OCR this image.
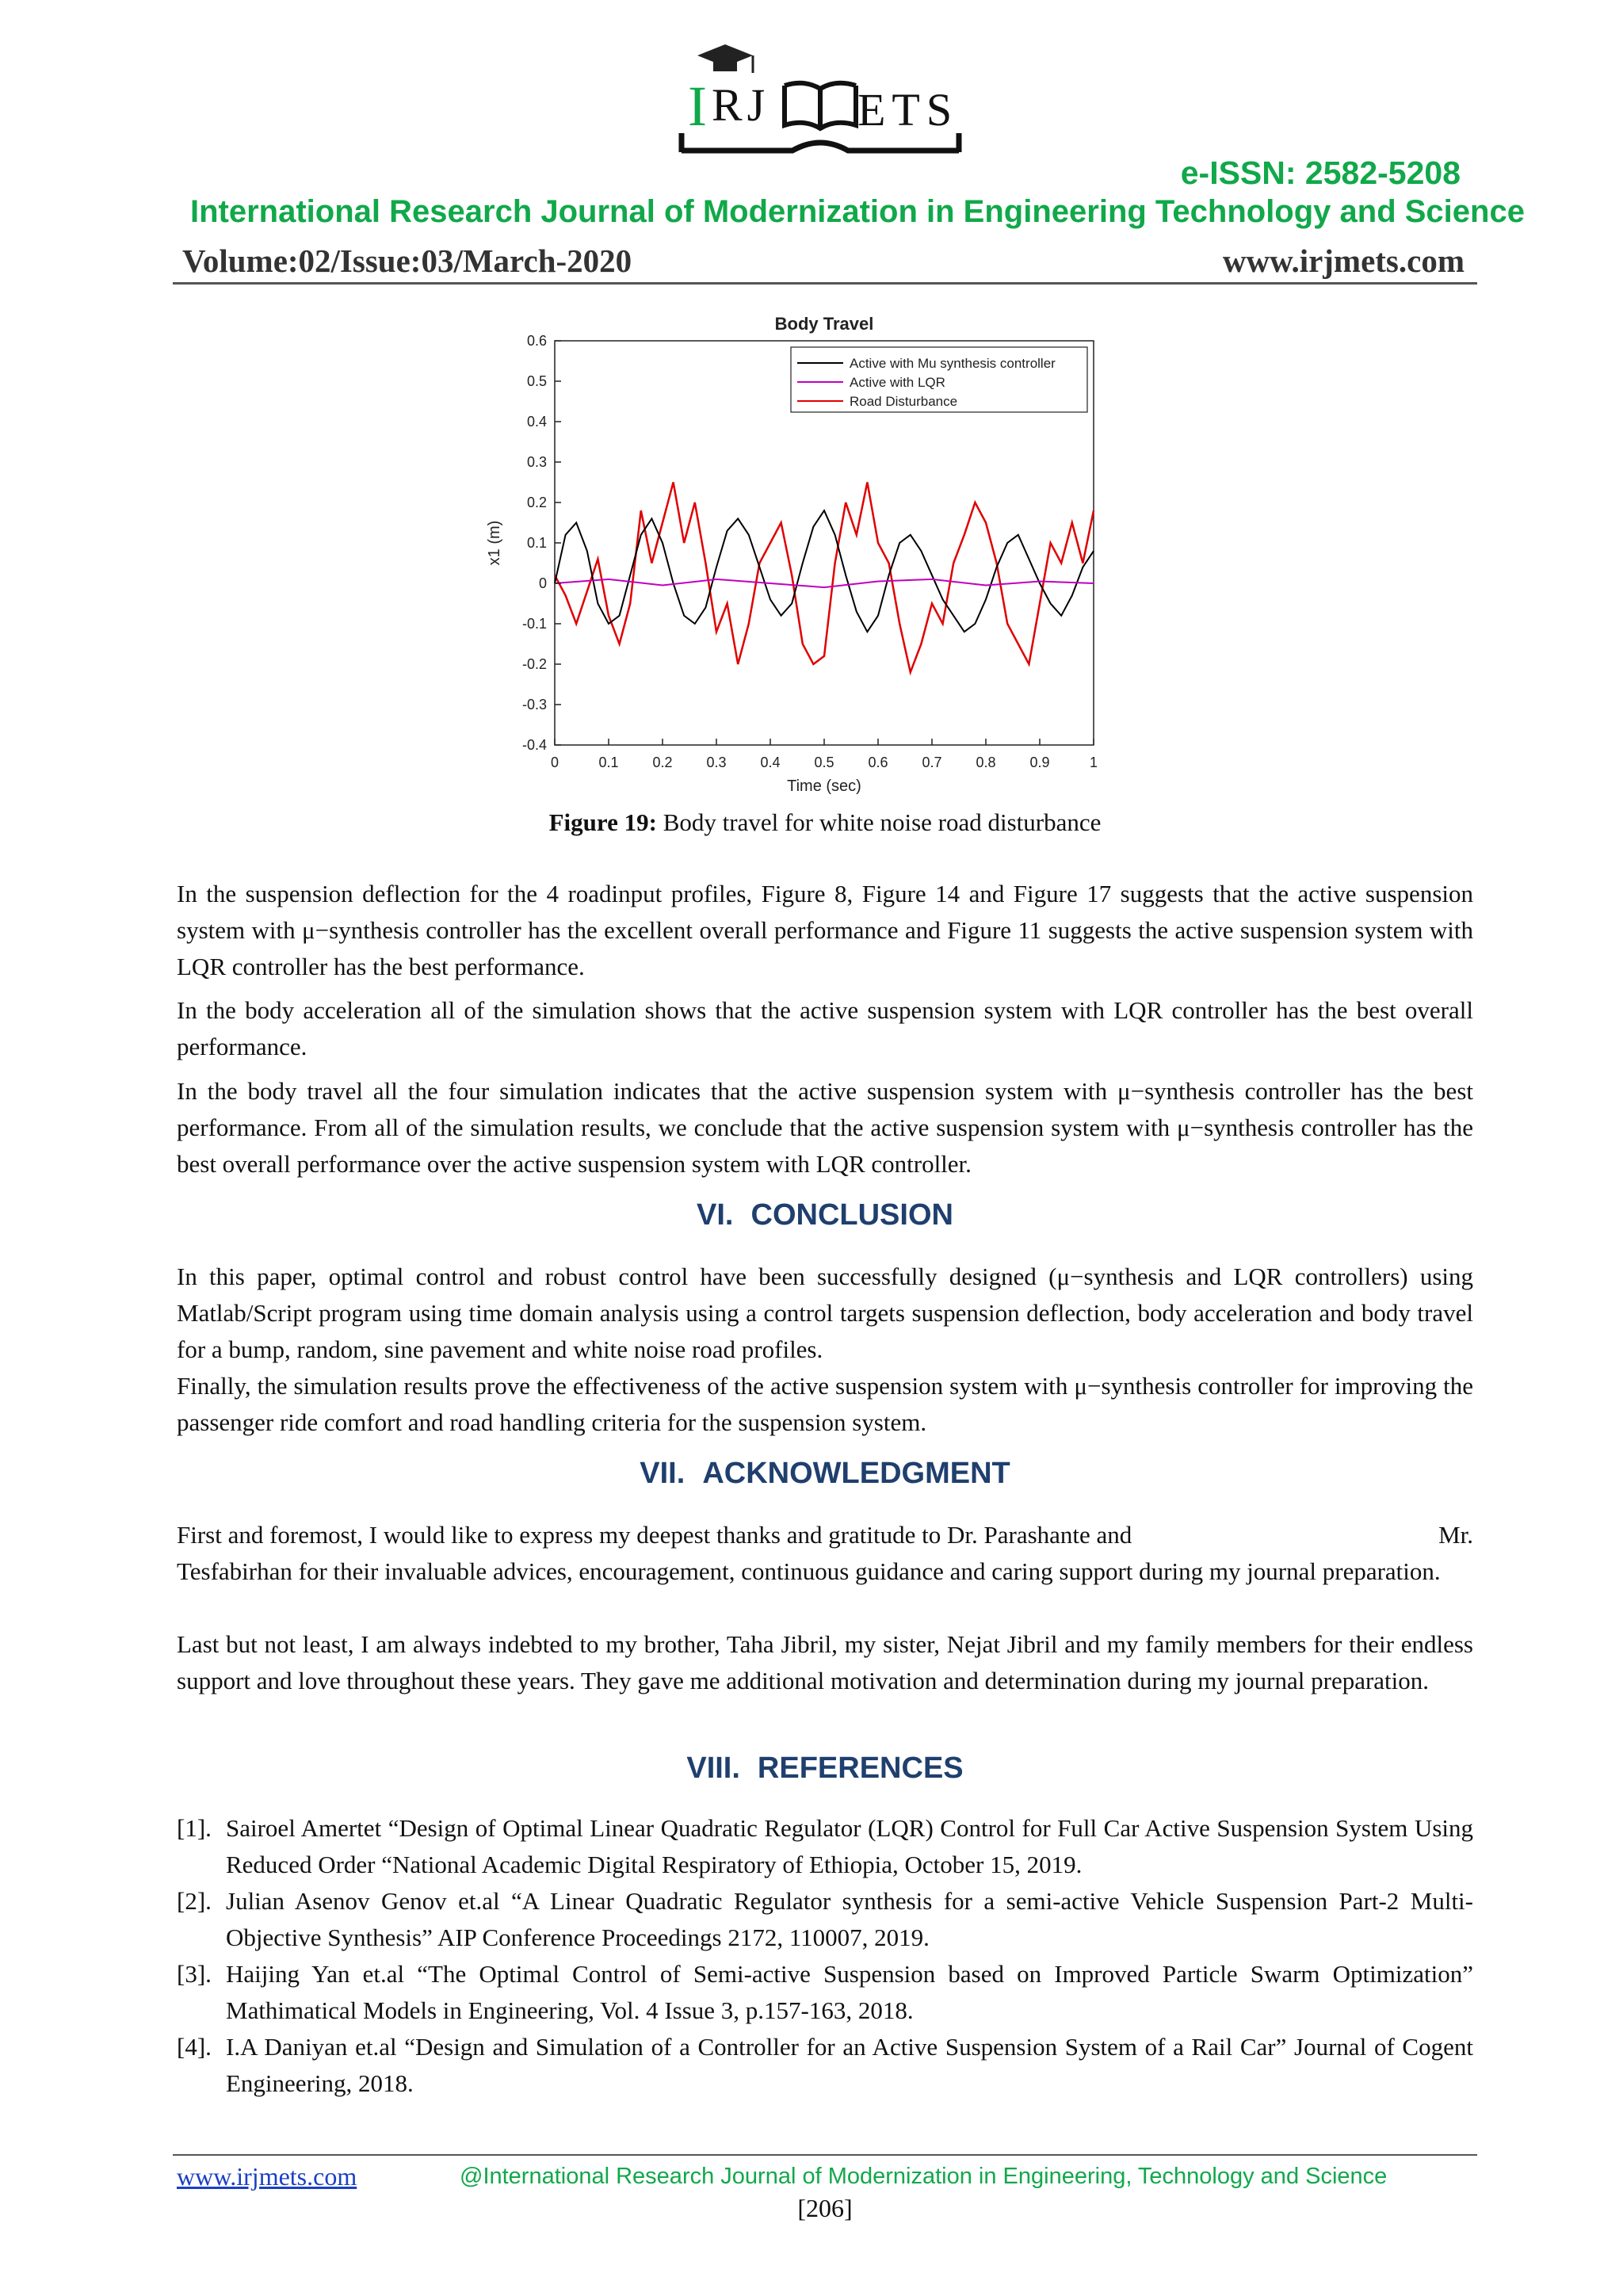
I RJ ETS
e-ISSN: 2582-5208
International Research Journal of Modernization in Engineering Technology and Science
Volume:02/Issue:03/March-2020	www.irjmets.com
0	0.1 0.2 0.3 0.4 0.5 0.6 0.7 0.8 0.9	1
0.6
0.5
0.4
0.3
0.2
0.1
0
-0.1
-0.2
-0.3
-0.4
Body Travel
Time (sec)
x1 (m)
Active with Mu synthesis controller
Active with LQR
Road Disturbance
Figure 19: Body travel for white noise road disturbance

In the suspension deflection for the 4 roadinput profiles, Figure 8, Figure 14 and Figure 17 suggests that the active suspension system with μ−synthesis controller has the excellent overall performance and Figure 11 suggests the active suspension system with LQR controller has the best performance.

In the body acceleration all of the simulation shows that the active suspension system with LQR controller has the best overall performance.

In the body travel all the four simulation indicates that the active suspension system with μ−synthesis controller has the best performance. From all of the simulation results, we conclude that the active suspension system with μ−synthesis controller has the best overall performance over the active suspension system with LQR controller.

VI. CONCLUSION

In this paper, optimal control and robust control have been successfully designed (μ−synthesis and LQR controllers) using Matlab/Script program using time domain analysis using a control targets suspension deflection, body acceleration and body travel for a bump, random, sine pavement and white noise road profiles.

Finally, the simulation results prove the effectiveness of the active suspension system with μ−synthesis controller for improving the passenger ride comfort and road handling criteria for the suspension system.

VII. ACKNOWLEDGMENT

First and foremost, I would like to express my deepest thanks and gratitude to Dr. Parashante and	Mr.
Tesfabirhan for their invaluable advices, encouragement, continuous guidance and caring support during my journal preparation.

Last but not least, I am always indebted to my brother, Taha Jibril, my sister, Nejat Jibril and my family members for their endless support and love throughout these years. They gave me additional motivation and determination during my journal preparation.

VIII. REFERENCES
[1]. Sairoel Amertet “Design of Optimal Linear Quadratic Regulator (LQR) Control for Full Car Active Suspension System Using Reduced Order “National Academic Digital Respiratory of Ethiopia, October 15, 2019.
[2]. Julian Asenov Genov et.al “A Linear Quadratic Regulator synthesis for a semi-active Vehicle Suspension Part-2 Multi-Objective Synthesis” AIP Conference Proceedings 2172, 110007, 2019.
[3]. Haijing Yan et.al “The Optimal Control of Semi-active Suspension based on Improved Particle Swarm Optimization” Mathimatical Models in Engineering, Vol. 4 Issue 3, p.157-163, 2018.
[4]. I.A Daniyan et.al “Design and Simulation of a Controller for an Active Suspension System of a Rail Car” Journal of Cogent Engineering, 2018.
www.irjmets.com	@International Research Journal of Modernization in Engineering, Technology and Science
[206]
